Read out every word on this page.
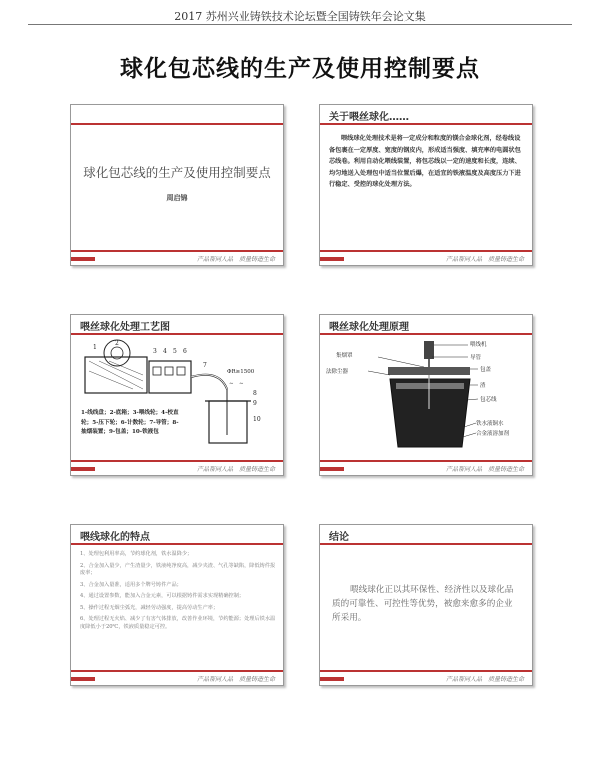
2017 苏州兴业铸铁技术论坛暨全国铸铁年会论文集
球化包芯线的生产及使用控制要点
球化包芯线的生产及使用控制要点
周启锦
产品帮同人品　质量铸造生命
关于喂丝球化……
喂线球化处理技术是将一定成分和粒度的镁合金球化剂，经卷线设备包裹在一定厚度、宽度的钢皮内，形成适当强度、填充率的电圆状包芯线卷。利用自动化喂线装置，将包芯线以一定的速度和长度，连续、均匀地送入处理包中适当位置后爆，在适宜的铁液温度及高度压力下进行稳定、受控的球化处理方法。
产品帮同人品　质量铸造生命
喂丝球化处理工艺图
1
2
3 4 5 6
7
8
9
10
ΦR≥1500
∼ ∼
1-线线盘；2-底箱；3-喂线轮；4-校直轮；5-压下轮；6-计数轮；7-导管；8-抽烟装置；9-包盖；10-铁液包
产品帮同人品　质量铸造生命
喂丝球化处理原理
集烟罩
法除尘器
喂线机
导管
包盖
渣
包芯线
铁水液铜水
合金液溶加剂
产品帮同人品　质量铸造生命
喂线球化的特点
1、处理包利用率高，节约球化剂，铁水温降少；
2、合金加入量少，产生渣量少，铁液纯净度高，减少夹渣、气孔等缺陷，降低铸件报废率；
3、合金加入量准，适用多个牌号铸件产品；
4、通过设置参数，能加入合金元素，可以根据铸件需求实现精确控制；
5、操作过程无烟尘弧光，减轻劳动强度，提高劳动生产率；
6、处理过程无火焰、减少了有害气体排放，改善作业环境，节约能源；处理后铁水温度降低小于20℃，铁液质量稳定可控。
产品帮同人品　质量铸造生命
结论
喂线球化正以其环保性、经济性以及球化品质的可靠性、可控性等优势，被愈来愈多的企业所采用。
产品帮同人品　质量铸造生命
